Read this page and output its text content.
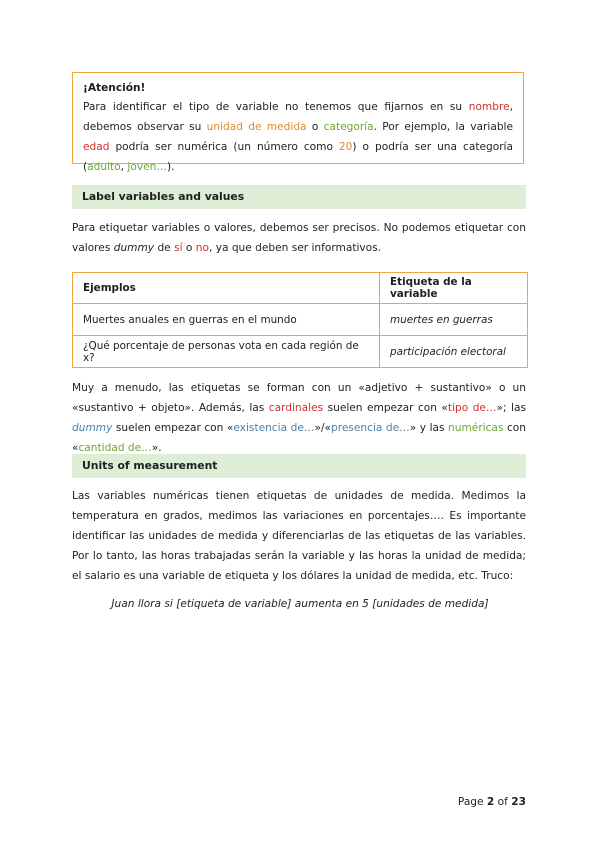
¡Atención!
Para identificar el tipo de variable no tenemos que fijarnos en su nombre, debemos observar su unidad de medida o categoría. Por ejemplo, la variable edad podría ser numérica (un número como 20) o podría ser una categoría (adulto, joven…).
Label variables and values
Para etiquetar variables o valores, debemos ser precisos. No podemos etiquetar con valores dummy de sí o no, ya que deben ser informativos.
Ejemplos	Etiqueta de la variable
Muertes anuales en guerras en el mundo	muertes en guerras
¿Qué porcentaje de personas vota en cada región de x?	participación electoral
Muy a menudo, las etiquetas se forman con un «adjetivo + sustantivo» o un «sustantivo + objeto». Además, las cardinales suelen empezar con «tipo de…»; las dummy suelen empezar con «existencia de…»/«presencia de…» y las numéricas con «cantidad de…».
Units of measurement
Las variables numéricas tienen etiquetas de unidades de medida. Medimos la temperatura en grados, medimos las variaciones en porcentajes…. Es importante identificar las unidades de medida y diferenciarlas de las etiquetas de las variables. Por lo tanto, las horas trabajadas serán la variable y las horas la unidad de medida; el salario es una variable de etiqueta y los dólares la unidad de medida, etc. Truco:
Juan llora si [etiqueta de variable] aumenta en 5 [unidades de medida]
Page 2 of 23
